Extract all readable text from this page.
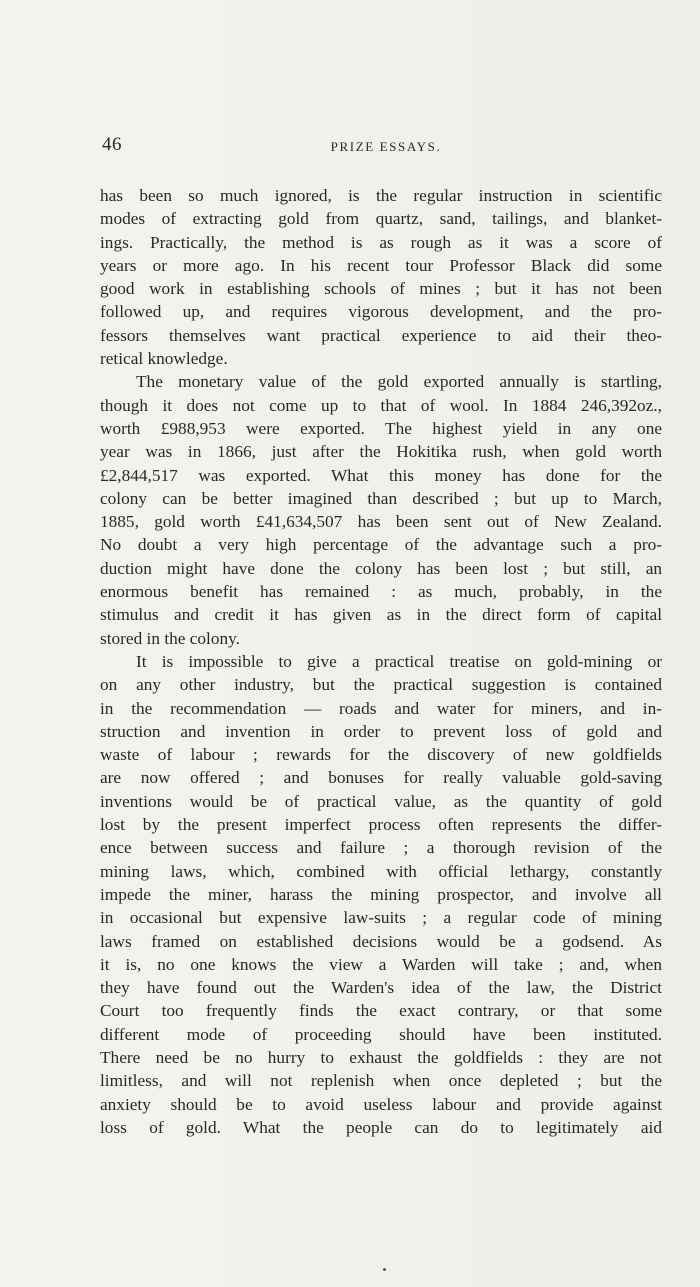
46	PRIZE ESSAYS.
has been so much ignored, is the regular instruction in scientific
modes of extracting gold from quartz, sand, tailings, and blanket-
ings. Practically, the method is as rough as it was a score of
years or more ago. In his recent tour Professor Black did some
good work in establishing schools of mines ; but it has not been
followed up, and requires vigorous development, and the pro-
fessors themselves want practical experience to aid their theo-
retical knowledge.
The monetary value of the gold exported annually is startling,
though it does not come up to that of wool. In 1884 246,392oz.,
worth £988,953 were exported. The highest yield in any one
year was in 1866, just after the Hokitika rush, when gold worth
£2,844,517 was exported. What this money has done for the
colony can be better imagined than described ; but up to March,
1885, gold worth £41,634,507 has been sent out of New Zealand.
No doubt a very high percentage of the advantage such a pro-
duction might have done the colony has been lost ; but still, an
enormous benefit has remained : as much, probably, in the
stimulus and credit it has given as in the direct form of capital
stored in the colony.
It is impossible to give a practical treatise on gold-mining or
on any other industry, but the practical suggestion is contained
in the recommendation — roads and water for miners, and in-
struction and invention in order to prevent loss of gold and
waste of labour ; rewards for the discovery of new goldfields
are now offered ; and bonuses for really valuable gold-saving
inventions would be of practical value, as the quantity of gold
lost by the present imperfect process often represents the differ-
ence between success and failure ; a thorough revision of the
mining laws, which, combined with official lethargy, constantly
impede the miner, harass the mining prospector, and involve all
in occasional but expensive law-suits ; a regular code of mining
laws framed on established decisions would be a godsend. As
it is, no one knows the view a Warden will take ; and, when
they have found out the Warden's idea of the law, the District
Court too frequently finds the exact contrary, or that some
different mode of proceeding should have been instituted.
There need be no hurry to exhaust the goldfields : they are not
limitless, and will not replenish when once depleted ; but the
anxiety should be to avoid useless labour and provide against
loss of gold. What the people can do to legitimately aid
